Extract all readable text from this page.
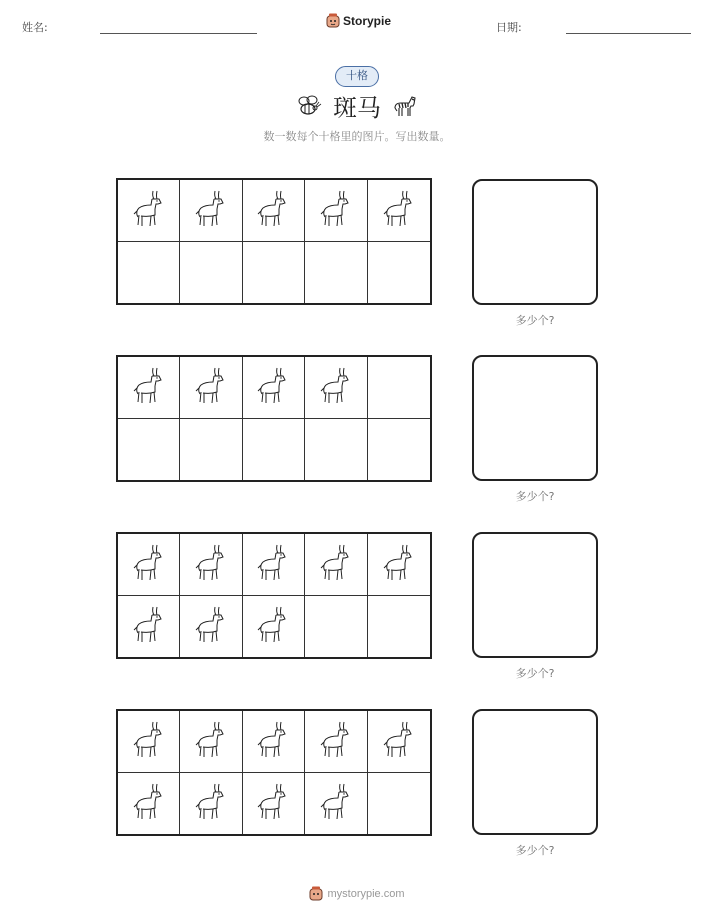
姓名:	Storypie	日期:
十格
斑马
数一数每个十格里的图片。写出数量。
多少个?
多少个?
多少个?
多少个?
mystorypie.com
